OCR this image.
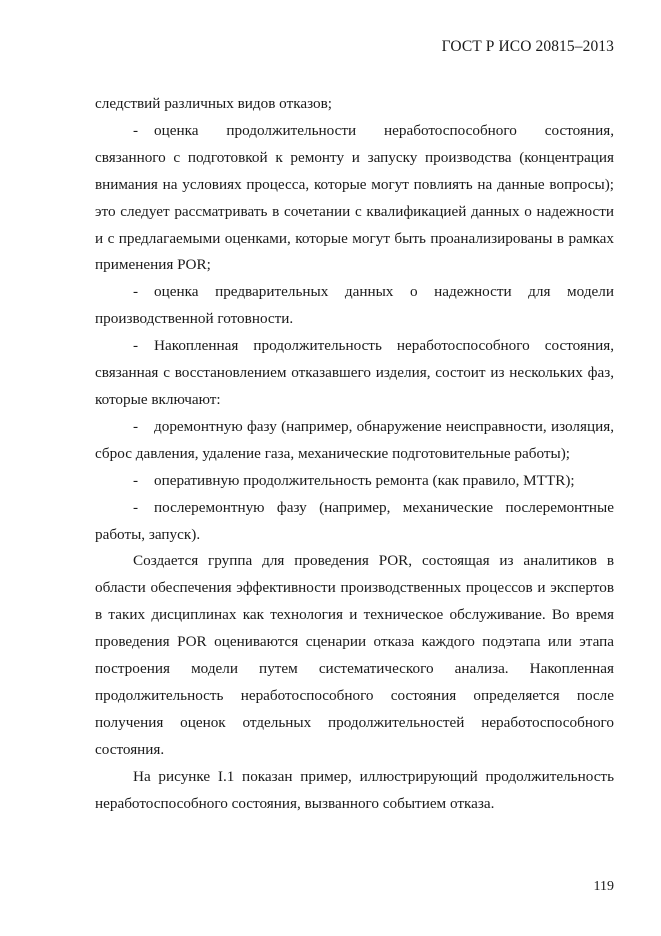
ГОСТ Р ИСО 20815–2013

следствий различных видов отказов;

- оценка продолжительности неработоспособного состояния, связанного с подготовкой к ремонту и запуску производства (концентрация внимания на условиях процесса, которые могут повлиять на данные вопросы); это следует рассматривать в сочетании с квалификацией данных о надежности и с предлагаемыми оценками, которые могут быть проанализированы в рамках применения POR;

- оценка предварительных данных о надежности для модели производственной готовности.

- Накопленная продолжительность неработоспособного состояния, связанная с восстановлением отказавшего изделия, состоит из нескольких фаз, которые включают:

- доремонтную фазу (например, обнаружение неисправности, изоляция, сброс давления, удаление газа, механические подготовительные работы);

- оперативную продолжительность ремонта (как правило, MTTR);

- послеремонтную фазу (например, механические послеремонтные работы, запуск).

Создается группа для проведения POR, состоящая из аналитиков в области обеспечения эффективности производственных процессов и экспертов в таких дисциплинах как технология и техническое обслуживание. Во время проведения POR оцениваются сценарии отказа каждого подэтапа или этапа построения модели путем систематического анализа. Накопленная продолжительность неработоспособного состояния определяется после получения оценок отдельных продолжительностей неработоспособного состояния.

На рисунке I.1 показан пример, иллюстрирующий продолжительность неработоспособного состояния, вызванного событием отказа.

119
